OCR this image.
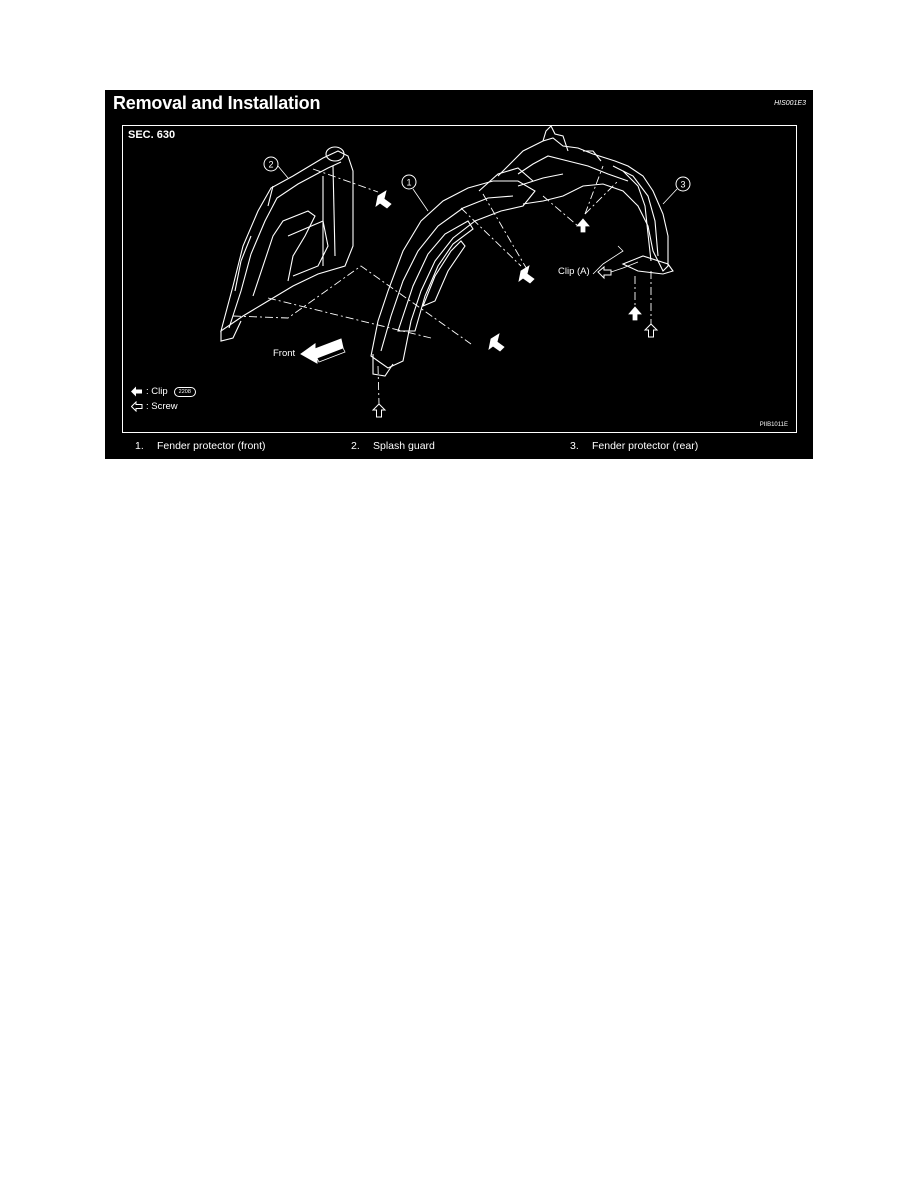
Removal and Installation	HIS001E3
SEC. 630
2
1	3
Front
Clip (A)
: Clip	2208
: Screw
PIIB1011E
1. Fender protector (front)	2. Splash guard	3. Fender protector (rear)
